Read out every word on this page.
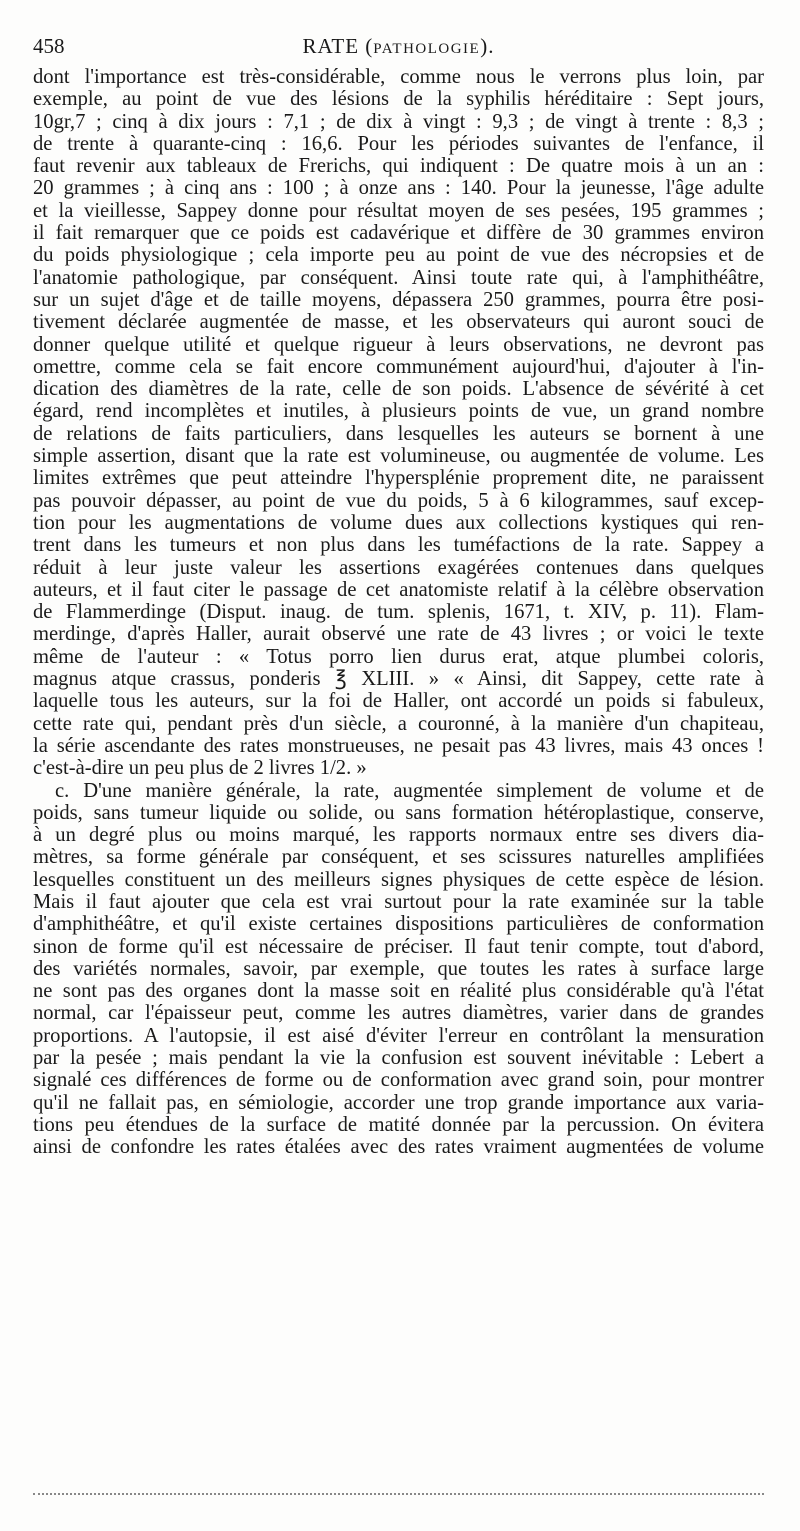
458	RATE (PATHOLOGIE).
dont l'importance est très-considérable, comme nous le verrons plus loin, par
exemple, au point de vue des lésions de la syphilis héréditaire : Sept jours,
10gr,7 ; cinq à dix jours : 7,1 ; de dix à vingt : 9,3 ; de vingt à trente : 8,3 ;
de trente à quarante-cinq : 16,6. Pour les périodes suivantes de l'enfance, il
faut revenir aux tableaux de Frerichs, qui indiquent : De quatre mois à un an :
20 grammes ; à cinq ans : 100 ; à onze ans : 140. Pour la jeunesse, l'âge adulte
et la vieillesse, Sappey donne pour résultat moyen de ses pesées, 195 grammes ;
il fait remarquer que ce poids est cadavérique et diffère de 30 grammes environ
du poids physiologique ; cela importe peu au point de vue des nécropsies et de
l'anatomie pathologique, par conséquent. Ainsi toute rate qui, à l'amphithéâtre,
sur un sujet d'âge et de taille moyens, dépassera 250 grammes, pourra être posi-
tivement déclarée augmentée de masse, et les observateurs qui auront souci de
donner quelque utilité et quelque rigueur à leurs observations, ne devront pas
omettre, comme cela se fait encore communément aujourd'hui, d'ajouter à l'in-
dication des diamètres de la rate, celle de son poids. L'absence de sévérité à cet
égard, rend incomplètes et inutiles, à plusieurs points de vue, un grand nombre
de relations de faits particuliers, dans lesquelles les auteurs se bornent à une
simple assertion, disant que la rate est volumineuse, ou augmentée de volume. Les
limites extrêmes que peut atteindre l'hypersplénie proprement dite, ne paraissent
pas pouvoir dépasser, au point de vue du poids, 5 à 6 kilogrammes, sauf excep-
tion pour les augmentations de volume dues aux collections kystiques qui ren-
trent dans les tumeurs et non plus dans les tuméfactions de la rate. Sappey a
réduit à leur juste valeur les assertions exagérées contenues dans quelques
auteurs, et il faut citer le passage de cet anatomiste relatif à la célèbre observation
de Flammerdinge (Disput. inaug. de tum. splenis, 1671, t. XIV, p. 11). Flam-
merdinge, d'après Haller, aurait observé une rate de 43 livres ; or voici le texte
même de l'auteur : « Totus porro lien durus erat, atque plumbei coloris,
magnus atque crassus, ponderis ℥ XLIII. » « Ainsi, dit Sappey, cette rate à
laquelle tous les auteurs, sur la foi de Haller, ont accordé un poids si fabuleux,
cette rate qui, pendant près d'un siècle, a couronné, à la manière d'un chapiteau,
la série ascendante des rates monstrueuses, ne pesait pas 43 livres, mais 43 onces !
c'est-à-dire un peu plus de 2 livres 1/2. »
c. D'une manière générale, la rate, augmentée simplement de volume et de
poids, sans tumeur liquide ou solide, ou sans formation hétéroplastique, conserve,
à un degré plus ou moins marqué, les rapports normaux entre ses divers dia-
mètres, sa forme générale par conséquent, et ses scissures naturelles amplifiées
lesquelles constituent un des meilleurs signes physiques de cette espèce de lésion.
Mais il faut ajouter que cela est vrai surtout pour la rate examinée sur la table
d'amphithéâtre, et qu'il existe certaines dispositions particulières de conformation
sinon de forme qu'il est nécessaire de préciser. Il faut tenir compte, tout d'abord,
des variétés normales, savoir, par exemple, que toutes les rates à surface large
ne sont pas des organes dont la masse soit en réalité plus considérable qu'à l'état
normal, car l'épaisseur peut, comme les autres diamètres, varier dans de grandes
proportions. A l'autopsie, il est aisé d'éviter l'erreur en contrôlant la mensuration
par la pesée ; mais pendant la vie la confusion est souvent inévitable : Lebert a
signalé ces différences de forme ou de conformation avec grand soin, pour montrer
qu'il ne fallait pas, en sémiologie, accorder une trop grande importance aux varia-
tions peu étendues de la surface de matité donnée par la percussion. On évitera
ainsi de confondre les rates étalées avec des rates vraiment augmentées de volume
